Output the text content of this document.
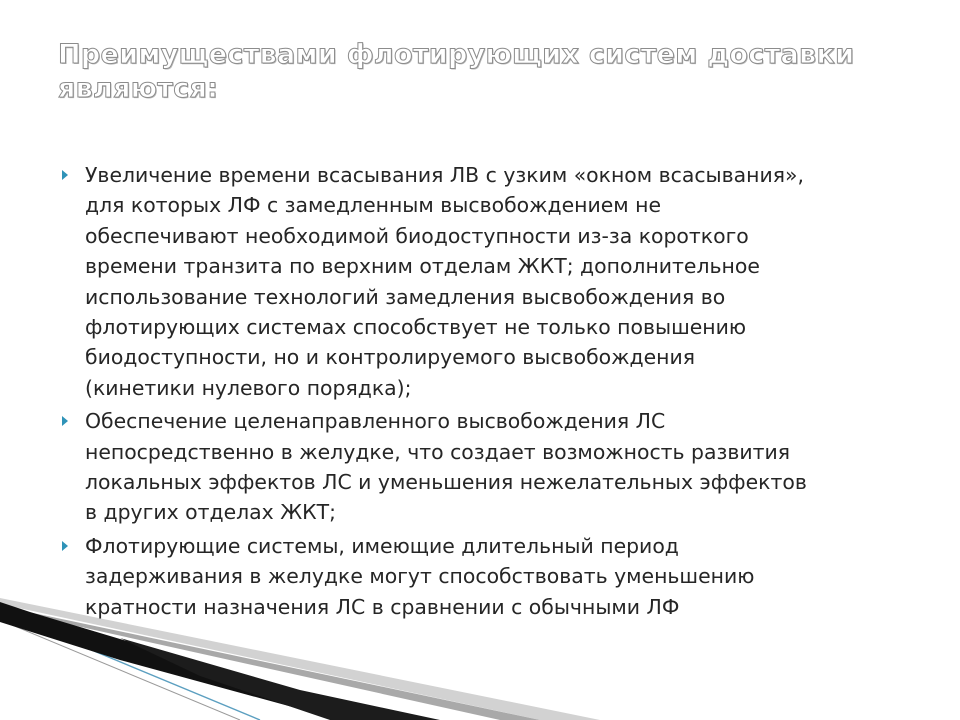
Преимуществами флотирующих систем доставки
являются:
Увеличение времени всасывания ЛВ с узким «окном всасывания»,
для которых ЛФ с замедленным высвобождением не
обеспечивают необходимой биодоступности из-за короткого
времени транзита по верхним отделам ЖКТ; дополнительное
использование технологий замедления высвобождения во
флотирующих системах способствует не только повышению
биодоступности, но и контролируемого высвобождения
(кинетики нулевого порядка);
Обеспечение целенаправленного высвобождения ЛС
непосредственно в желудке, что создает возможность развития
локальных эффектов ЛС и уменьшения нежелательных эффектов
в других отделах ЖКТ;
Флотирующие системы, имеющие длительный период
задерживания в желудке могут способствовать уменьшению
кратности назначения ЛС в сравнении с обычными ЛФ
